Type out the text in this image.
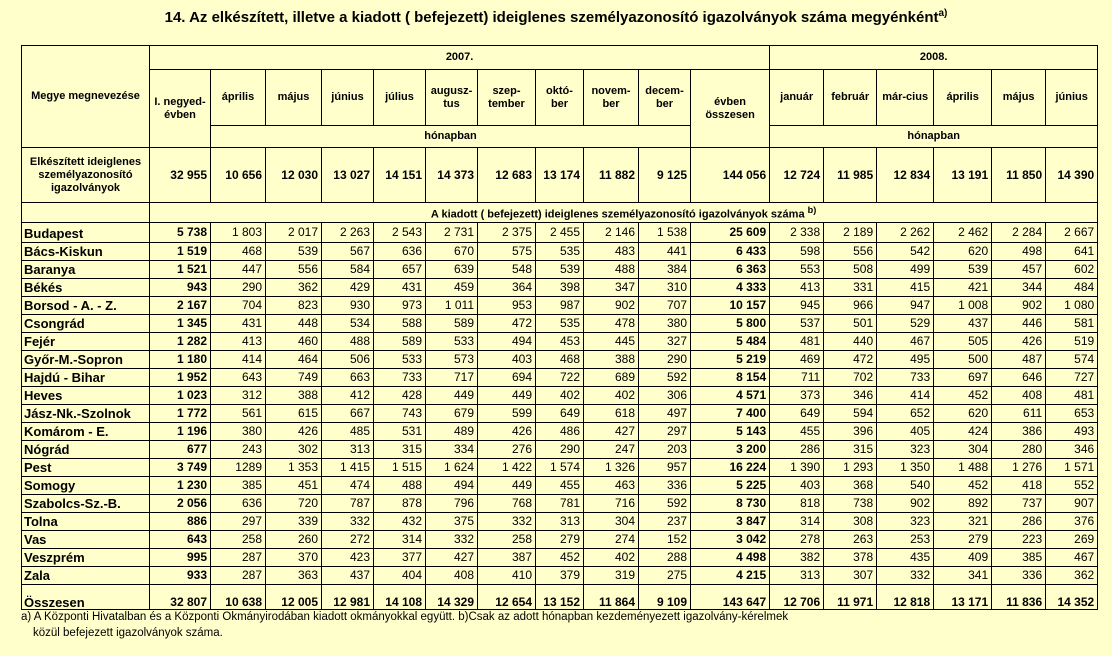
14. Az elkészített, illetve a kiadott ( befejezett) ideiglenes személyazonosító igazolványok száma megyénként$^{a)}$
Megye megnevezése	2007.											2008.					
	I. negyed-évben	április	május	június	július	augusz-tus	szep-tember	októ-ber	novem-ber	decem-ber	évben összesen	január	február	már-cius	április	május	június
		hónapban										hónapban					
Elkészített ideiglenes személyazonosító igazolványok	32 955	10 656	12 030	13 027	14 151	14 373	12 683	13 174	11 882	9 125	144 056	12 724	11 985	12 834	13 191	11 850	14 390
	A kiadott ( befejezett) ideiglenes személyazonosító igazolványok száma $^{b)}$
Budapest	5 738	1 803	2 017	2 263	2 543	2 731	2 375	2 455	2 146	1 538	25 609	2 338	2 189	2 262	2 462	2 284	2 667
Bács-Kiskun	1 519	468	539	567	636	670	575	535	483	441	6 433	598	556	542	620	498	641
Baranya	1 521	447	556	584	657	639	548	539	488	384	6 363	553	508	499	539	457	602
Békés	943	290	362	429	431	459	364	398	347	310	4 333	413	331	415	421	344	484
Borsod - A. - Z.	2 167	704	823	930	973	1 011	953	987	902	707	10 157	945	966	947	1 008	902	1 080
Csongrád	1 345	431	448	534	588	589	472	535	478	380	5 800	537	501	529	437	446	581
Fejér	1 282	413	460	488	589	533	494	453	445	327	5 484	481	440	467	505	426	519
Győr-M.-Sopron	1 180	414	464	506	533	573	403	468	388	290	5 219	469	472	495	500	487	574
Hajdú - Bihar	1 952	643	749	663	733	717	694	722	689	592	8 154	711	702	733	697	646	727
Heves	1 023	312	388	412	428	449	449	402	402	306	4 571	373	346	414	452	408	481
Jász-Nk.-Szolnok	1 772	561	615	667	743	679	599	649	618	497	7 400	649	594	652	620	611	653
Komárom - E.	1 196	380	426	485	531	489	426	486	427	297	5 143	455	396	405	424	386	493
Nógrád	677	243	302	313	315	334	276	290	247	203	3 200	286	315	323	304	280	346
Pest	3 749	1289	1 353	1 415	1 515	1 624	1 422	1 574	1 326	957	16 224	1 390	1 293	1 350	1 488	1 276	1 571
Somogy	1 230	385	451	474	488	494	449	455	463	336	5 225	403	368	540	452	418	552
Szabolcs-Sz.-B.	2 056	636	720	787	878	796	768	781	716	592	8 730	818	738	902	892	737	907
Tolna	886	297	339	332	432	375	332	313	304	237	3 847	314	308	323	321	286	376
Vas	643	258	260	272	314	332	258	279	274	152	3 042	278	263	253	279	223	269
Veszprém	995	287	370	423	377	427	387	452	402	288	4 498	382	378	435	409	385	467
Zala	933	287	363	437	404	408	410	379	319	275	4 215	313	307	332	341	336	362
Összesen	32 807	10 638	12 005	12 981	14 108	14 329	12 654	13 152	11 864	9 109	143 647	12 706	11 971	12 818	13 171	11 836	14 352
a) A Központi Hivatalban és a Központi Okmányirodában kiadott okmányokkal együtt. b)Csak az adott hónapban kezdeményezett igazolvány-kérelmek
közül befejezett igazolványok száma.
